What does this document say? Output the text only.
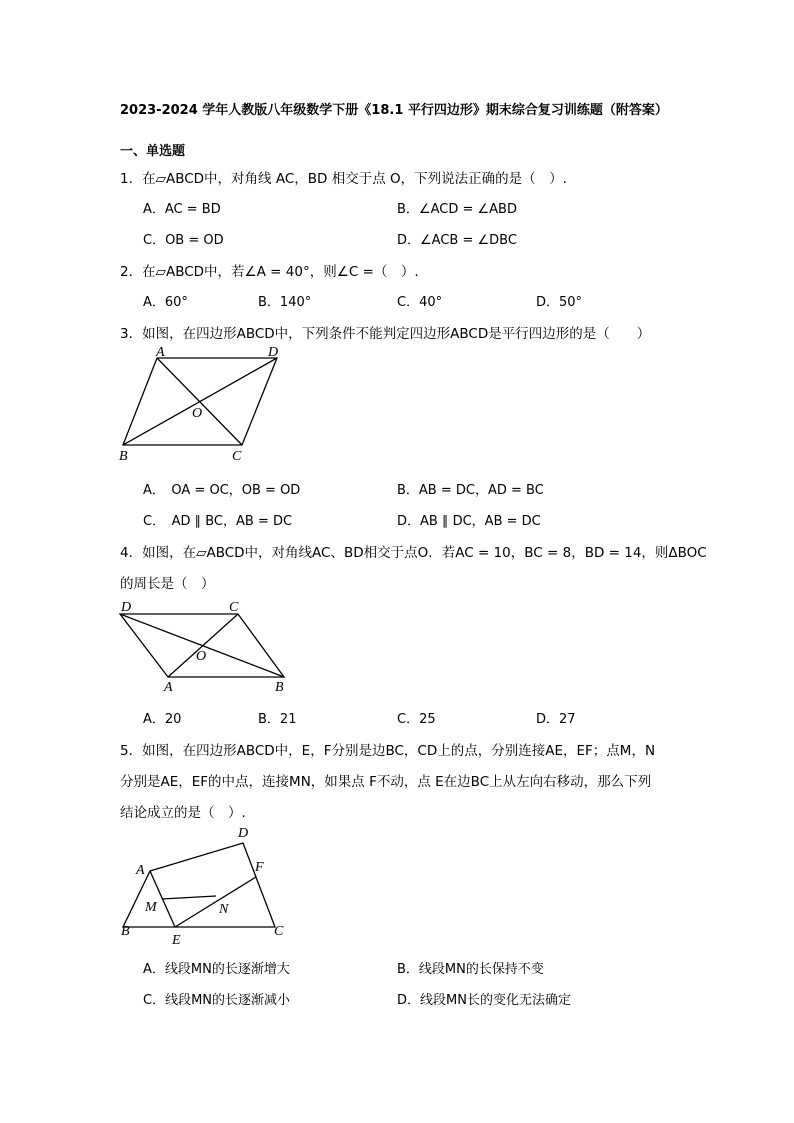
2023-2024 学年人教版八年级数学下册《18.1 平行四边形》期末综合复习训练题（附答案）
一、单选题
1．在▱ABCD中，对角线 AC，BD 相交于点 O，下列说法正确的是（　）.
A．AC = BD	B．∠ACD = ∠ABD
C．OB = OD	D．∠ACB = ∠DBC
2．在▱ABCD中，若∠A = 40°，则∠C =（　）.
A．60°	B．140°	C．40°	D．50°
3．如图，在四边形ABCD中，下列条件不能判定四边形ABCD是平行四边形的是（　　）
A	D
O
B	C
A．　OA = OC，OB = OD	B．AB = DC，AD = BC
C．　AD ∥ BC，AB = DC	D．AB ∥ DC，AB = DC
4．如图，在▱ABCD中，对角线AC、BD相交于点O．若AC = 10，BC = 8，BD = 14，则ΔBOC
的周长是（　）
D	C
O
A	B
A．20	B．21	C．25	D．27
5．如图，在四边形ABCD中，E，F分别是边BC，CD上的点，分别连接AE，EF；点M，N
分别是AE，EF的中点，连接MN，如果点 F不动，点 E在边BC上从左向右移动，那么下列
结论成立的是（　）.
D
A	F
M	N
B
E
C
A．线段MN的长逐渐增大	B．线段MN的长保持不变
C．线段MN的长逐渐减小	D．线段MN长的变化无法确定
